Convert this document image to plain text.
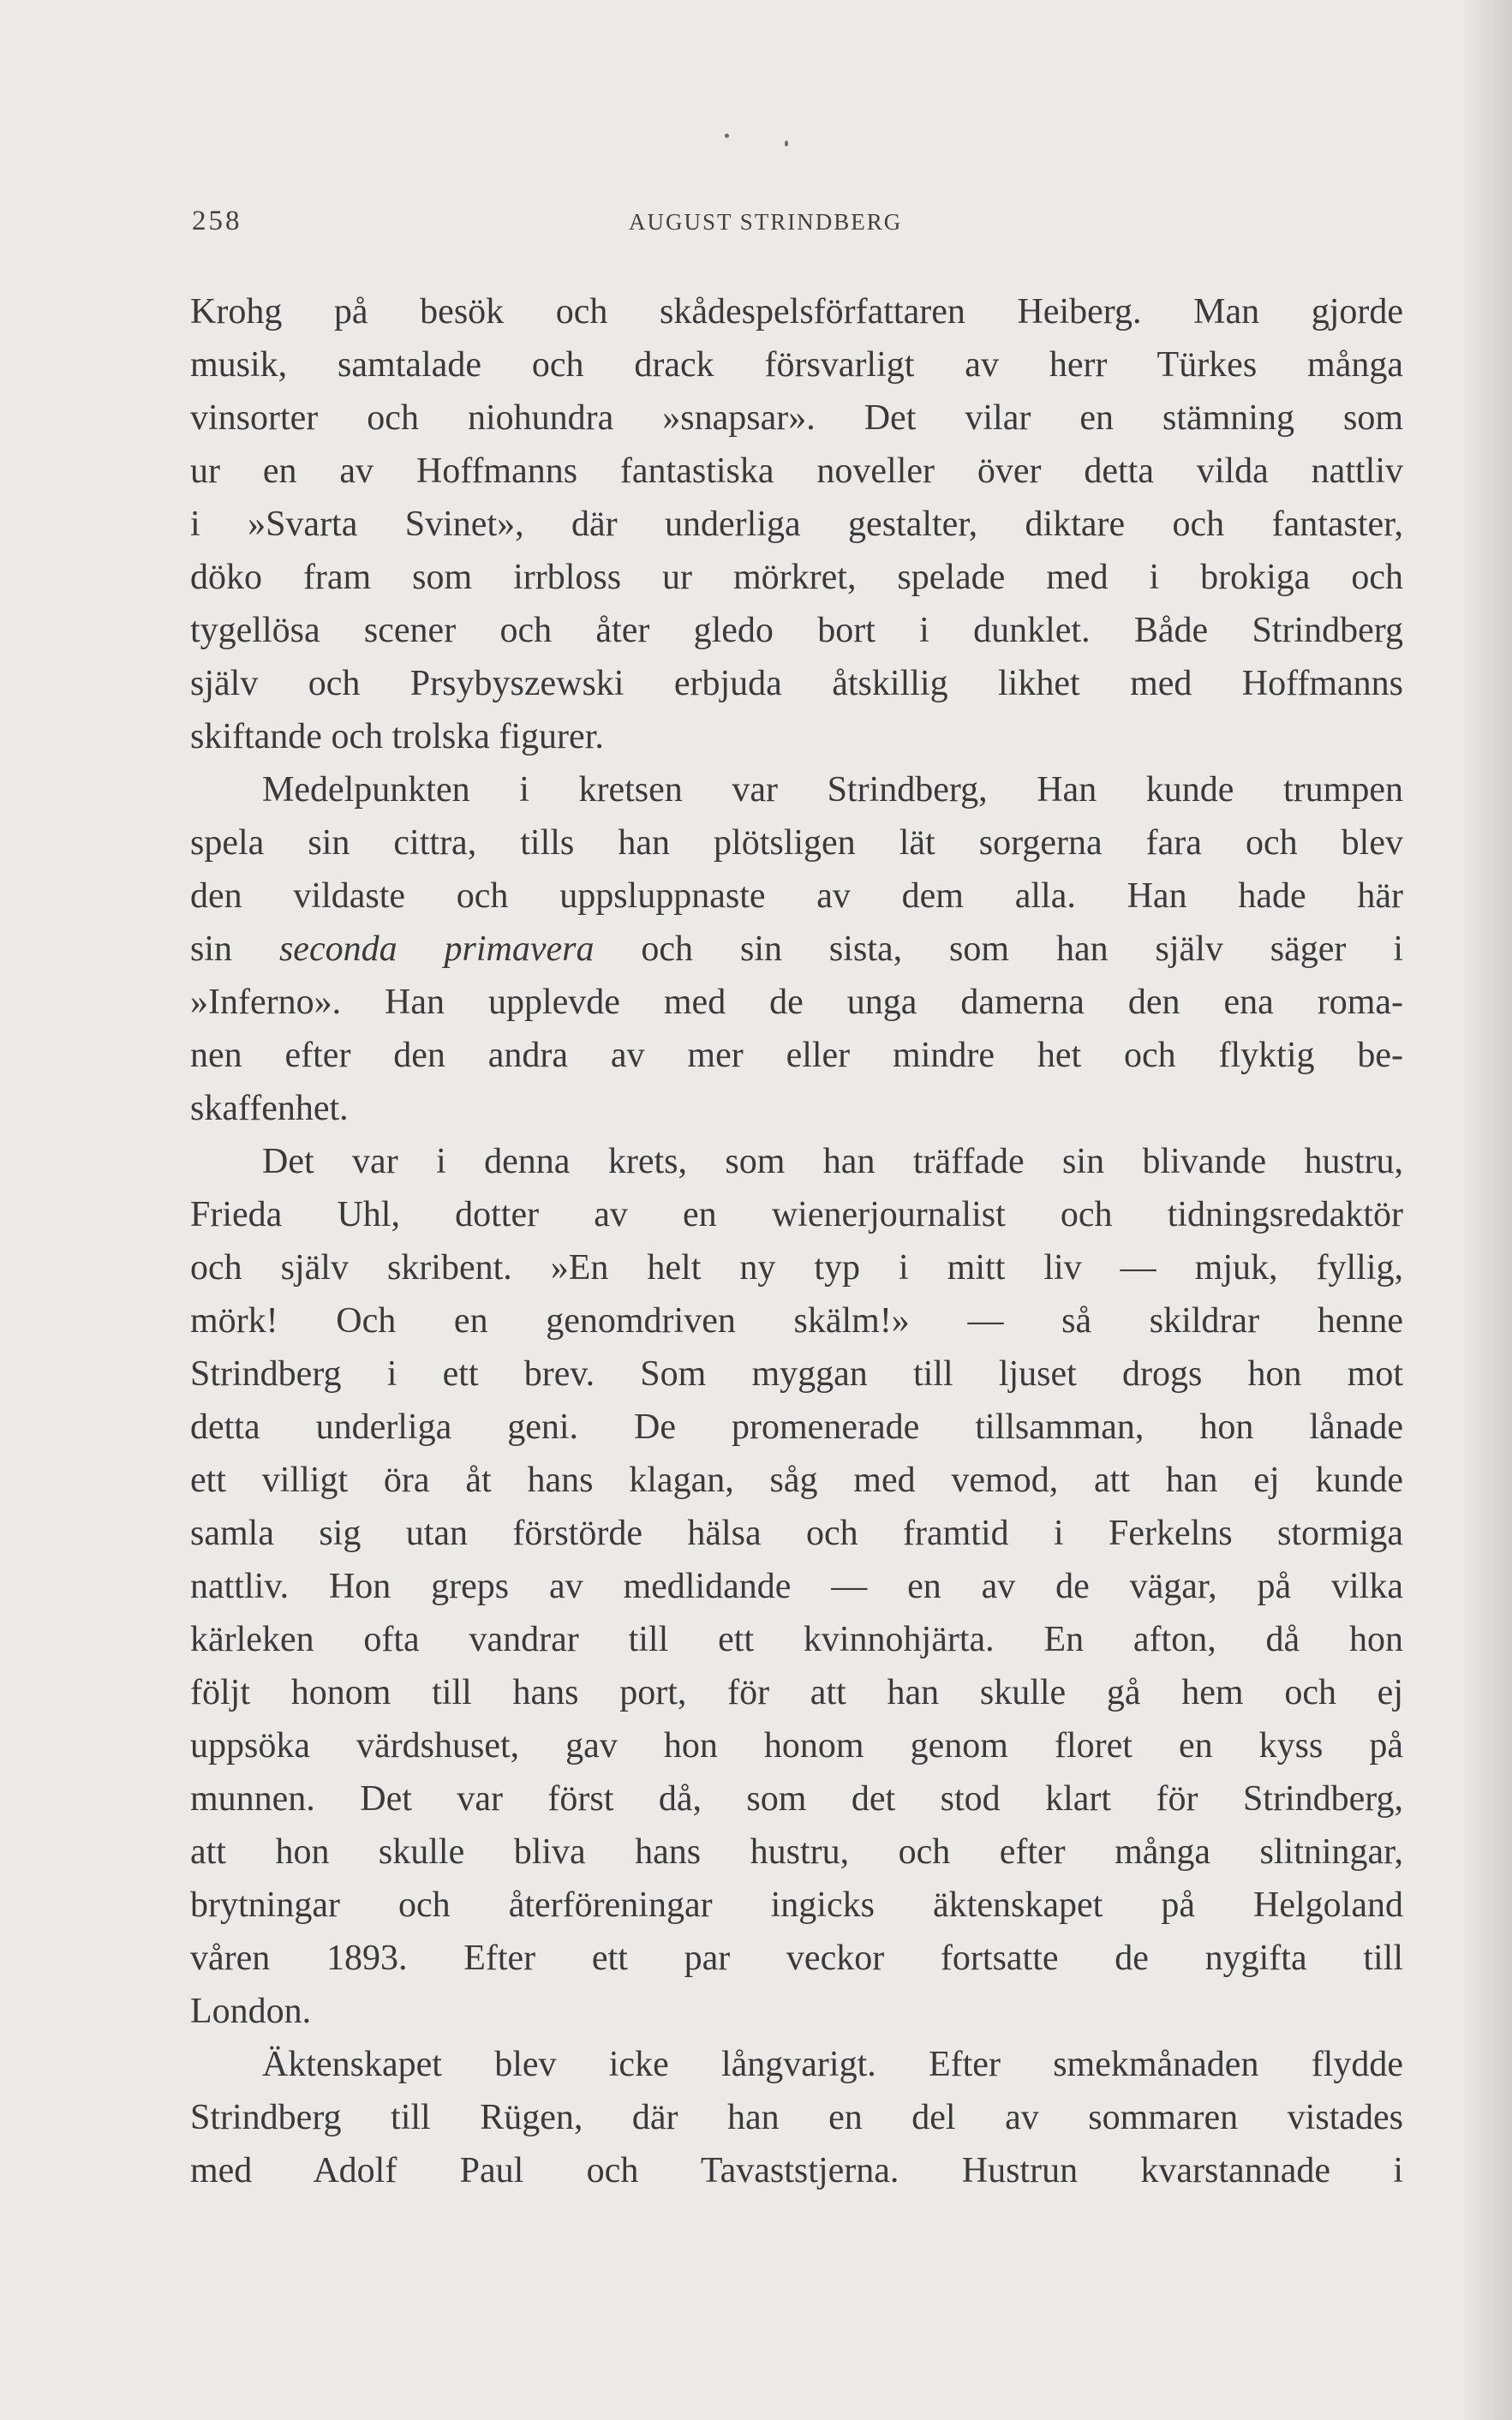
258	AUGUST STRINDBERG
Krohg på besök och skådespelsförfattaren Heiberg. Man gjorde
musik, samtalade och drack försvarligt av herr Türkes många
vinsorter och niohundra »snapsar». Det vilar en stämning som
ur en av Hoffmanns fantastiska noveller över detta vilda nattliv
i »Svarta Svinet», där underliga gestalter, diktare och fantaster,
döko fram som irrbloss ur mörkret, spelade med i brokiga och
tygellösa scener och åter gledo bort i dunklet. Både Strindberg
själv och Prsybyszewski erbjuda åtskillig likhet med Hoffmanns
skiftande och trolska figurer.
Medelpunkten i kretsen var Strindberg, Han kunde trumpen
spela sin cittra, tills han plötsligen lät sorgerna fara och blev
den vildaste och uppsluppnaste av dem alla. Han hade här
sin seconda primavera och sin sista, som han själv säger i
»Inferno». Han upplevde med de unga damerna den ena roma-
nen efter den andra av mer eller mindre het och flyktig be-
skaffenhet.
Det var i denna krets, som han träffade sin blivande hustru,
Frieda Uhl, dotter av en wienerjournalist och tidningsredaktör
och själv skribent. »En helt ny typ i mitt liv — mjuk, fyllig,
mörk! Och en genomdriven skälm!» — så skildrar henne
Strindberg i ett brev. Som myggan till ljuset drogs hon mot
detta underliga geni. De promenerade tillsamman, hon lånade
ett villigt öra åt hans klagan, såg med vemod, att han ej kunde
samla sig utan förstörde hälsa och framtid i Ferkelns stormiga
nattliv. Hon greps av medlidande — en av de vägar, på vilka
kärleken ofta vandrar till ett kvinnohjärta. En afton, då hon
följt honom till hans port, för att han skulle gå hem och ej
uppsöka värdshuset, gav hon honom genom floret en kyss på
munnen. Det var först då, som det stod klart för Strindberg,
att hon skulle bliva hans hustru, och efter många slitningar,
brytningar och återföreningar ingicks äktenskapet på Helgoland
våren 1893. Efter ett par veckor fortsatte de nygifta till
London.
Äktenskapet blev icke långvarigt. Efter smekmånaden flydde
Strindberg till Rügen, där han en del av sommaren vistades
med Adolf Paul och Tavaststjerna. Hustrun kvarstannade i
